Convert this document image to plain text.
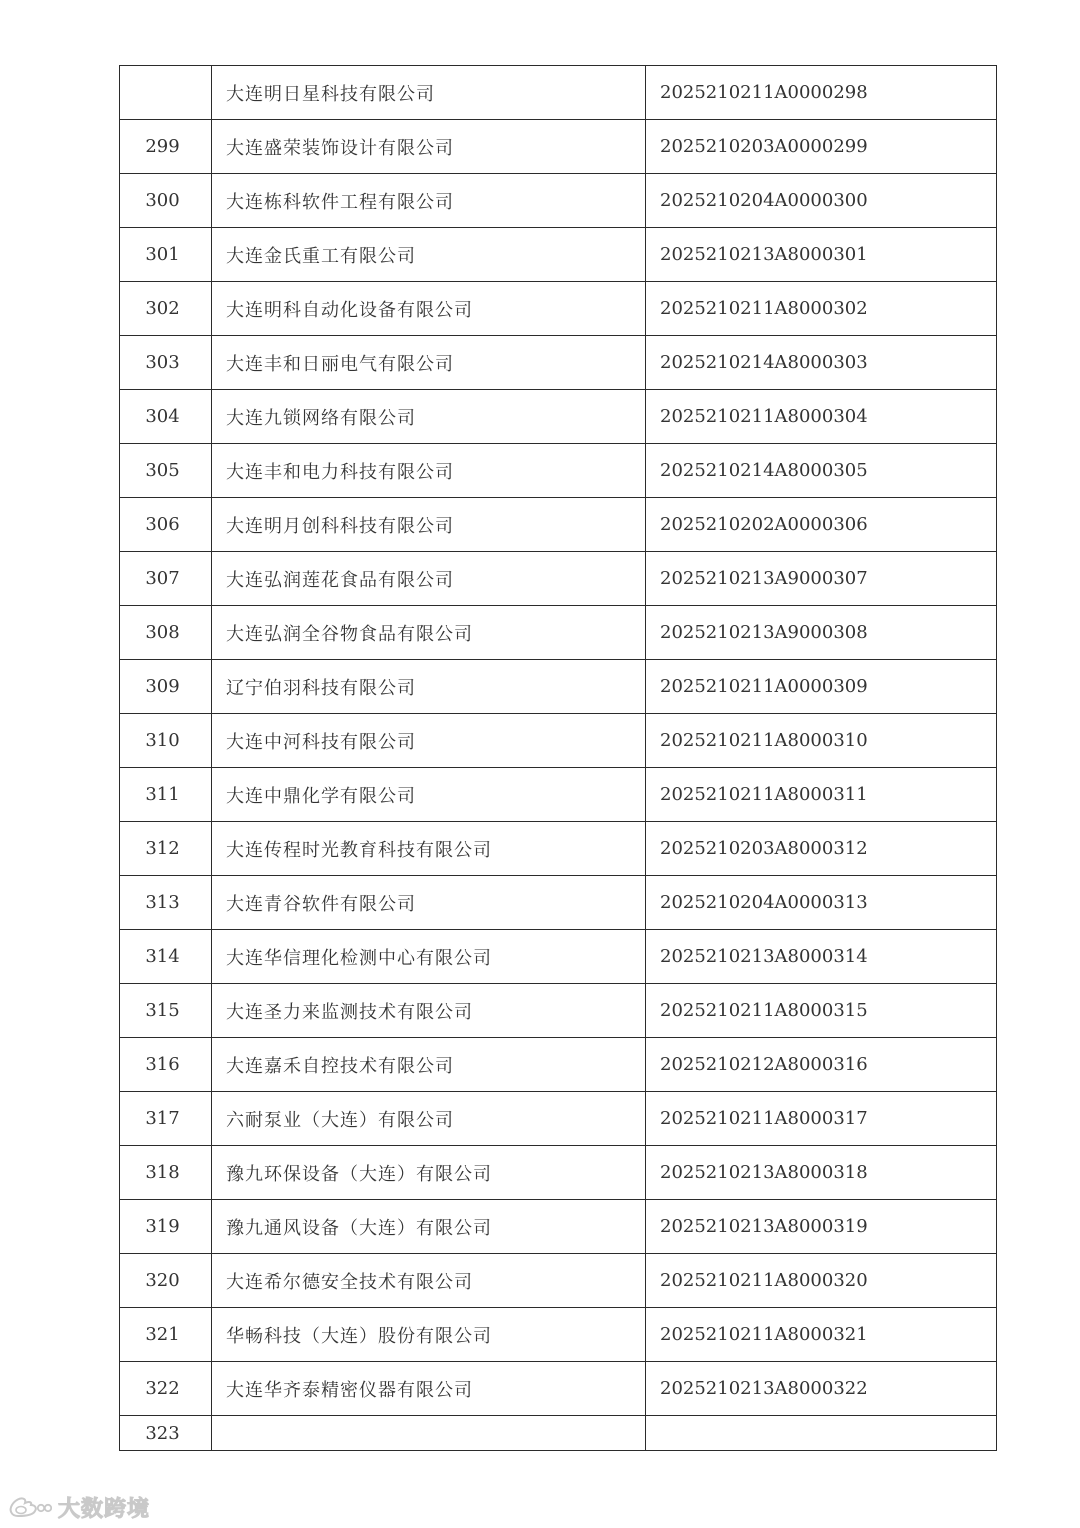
	大连明日星科技有限公司	2025210211A0000298
299	大连盛荣装饰设计有限公司	2025210203A0000299
300	大连栋科软件工程有限公司	2025210204A0000300
301	大连金氏重工有限公司	2025210213A8000301
302	大连明科自动化设备有限公司	2025210211A8000302
303	大连丰和日丽电气有限公司	2025210214A8000303
304	大连九锁网络有限公司	2025210211A8000304
305	大连丰和电力科技有限公司	2025210214A8000305
306	大连明月创科科技有限公司	2025210202A0000306
307	大连弘润莲花食品有限公司	2025210213A9000307
308	大连弘润全谷物食品有限公司	2025210213A9000308
309	辽宁伯羽科技有限公司	2025210211A0000309
310	大连中河科技有限公司	2025210211A8000310
311	大连中鼎化学有限公司	2025210211A8000311
312	大连传程时光教育科技有限公司	2025210203A8000312
313	大连青谷软件有限公司	2025210204A0000313
314	大连华信理化检测中心有限公司	2025210213A8000314
315	大连圣力来监测技术有限公司	2025210211A8000315
316	大连嘉禾自控技术有限公司	2025210212A8000316
317	六耐泵业（大连）有限公司	2025210211A8000317
318	豫九环保设备（大连）有限公司	2025210213A8000318
319	豫九通风设备（大连）有限公司	2025210213A8000319
320	大连希尔德安全技术有限公司	2025210211A8000320
321	华畅科技（大连）股份有限公司	2025210211A8000321
322	大连华齐泰精密仪器有限公司	2025210213A8000322
323		
大数跨境
